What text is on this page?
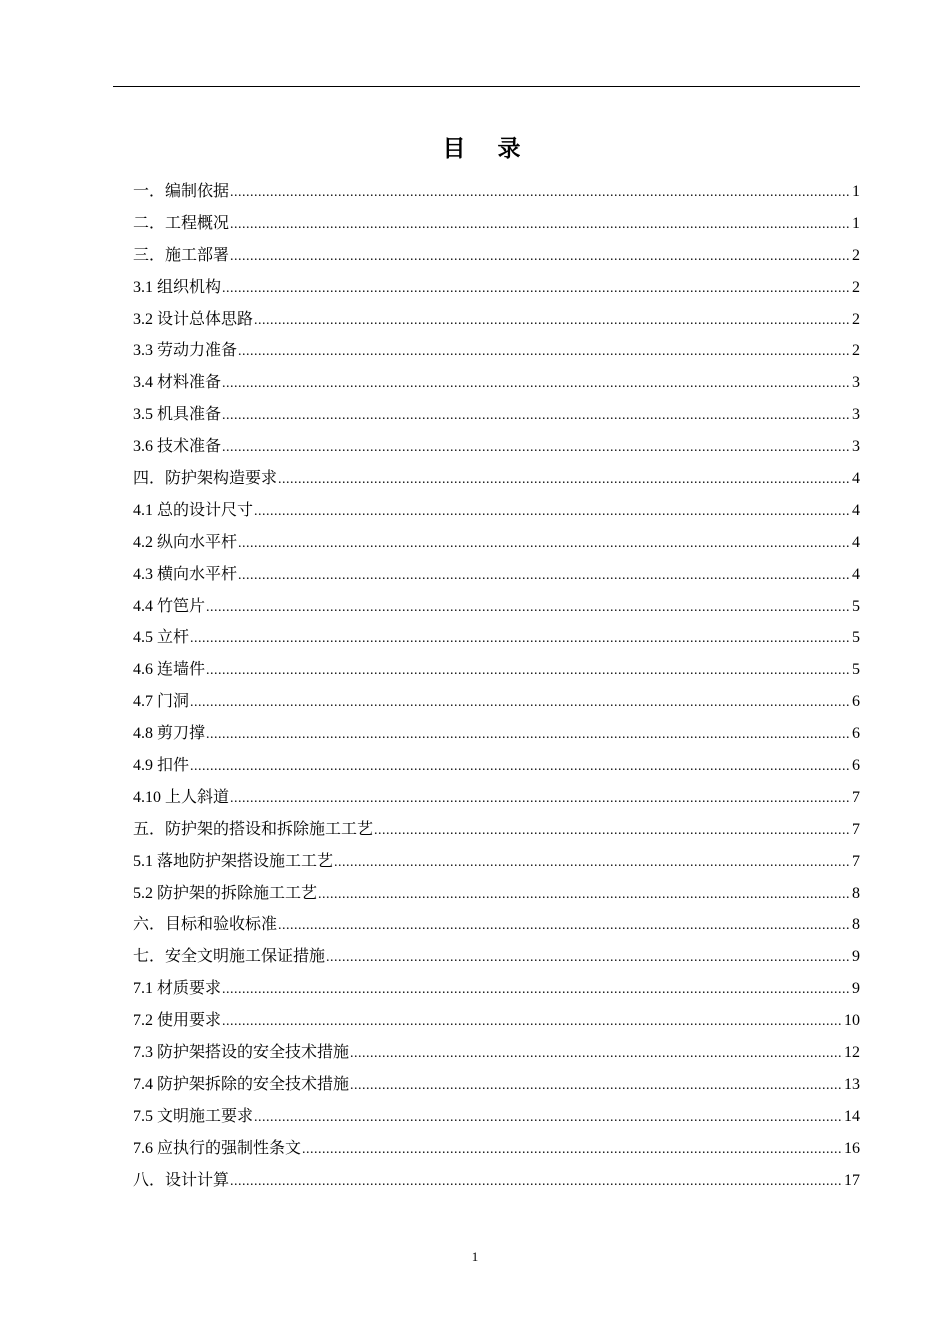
目 录
一．编制依据 .....	1
二．工程概况 .....	1
三．施工部署 .....	2
3.1 组织机构 .....	2
3.2 设计总体思路 .....	2
3.3 劳动力准备 .....	2
3.4 材料准备 .....	3
3.5 机具准备 .....	3
3.6 技术准备 .....	3
四．防护架构造要求 .....	4
4.1 总的设计尺寸 .....	4
4.2 纵向水平杆 .....	4
4.3 横向水平杆 .....	4
4.4 竹笆片 .....	5
4.5 立杆 .....	5
4.6 连墙件 .....	5
4.7 门洞 .....	6
4.8 剪刀撑 .....	6
4.9 扣件 .....	6
4.10 上人斜道 .....	7
五．防护架的搭设和拆除施工工艺 .....	7
5.1 落地防护架搭设施工工艺 .....	7
5.2 防护架的拆除施工工艺 .....	8
六．目标和验收标准 .....	8
七．安全文明施工保证措施 .....	9
7.1 材质要求 .....	9
7.2 使用要求 .....	10
7.3 防护架搭设的安全技术措施 .....	12
7.4 防护架拆除的安全技术措施 .....	13
7.5 文明施工要求 .....	14
7.6 应执行的强制性条文 .....	16
八．设计计算 .....	17
1
